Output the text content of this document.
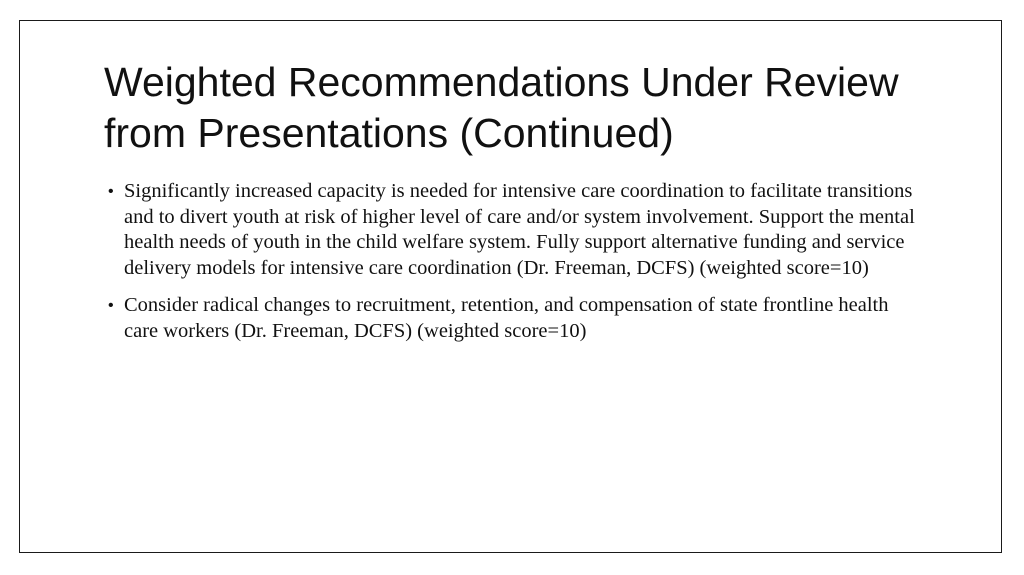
Weighted Recommendations Under Review from Presentations (Continued)
• Significantly increased capacity is needed for intensive care coordination to facilitate transitions and to divert youth at risk of higher level of care and/or system involvement. Support the mental health needs of youth in the child welfare system. Fully support alternative funding and service delivery models for intensive care coordination (Dr. Freeman, DCFS) (weighted score=10)
• Consider radical changes to recruitment, retention, and compensation of state frontline health care workers (Dr. Freeman, DCFS) (weighted score=10)
